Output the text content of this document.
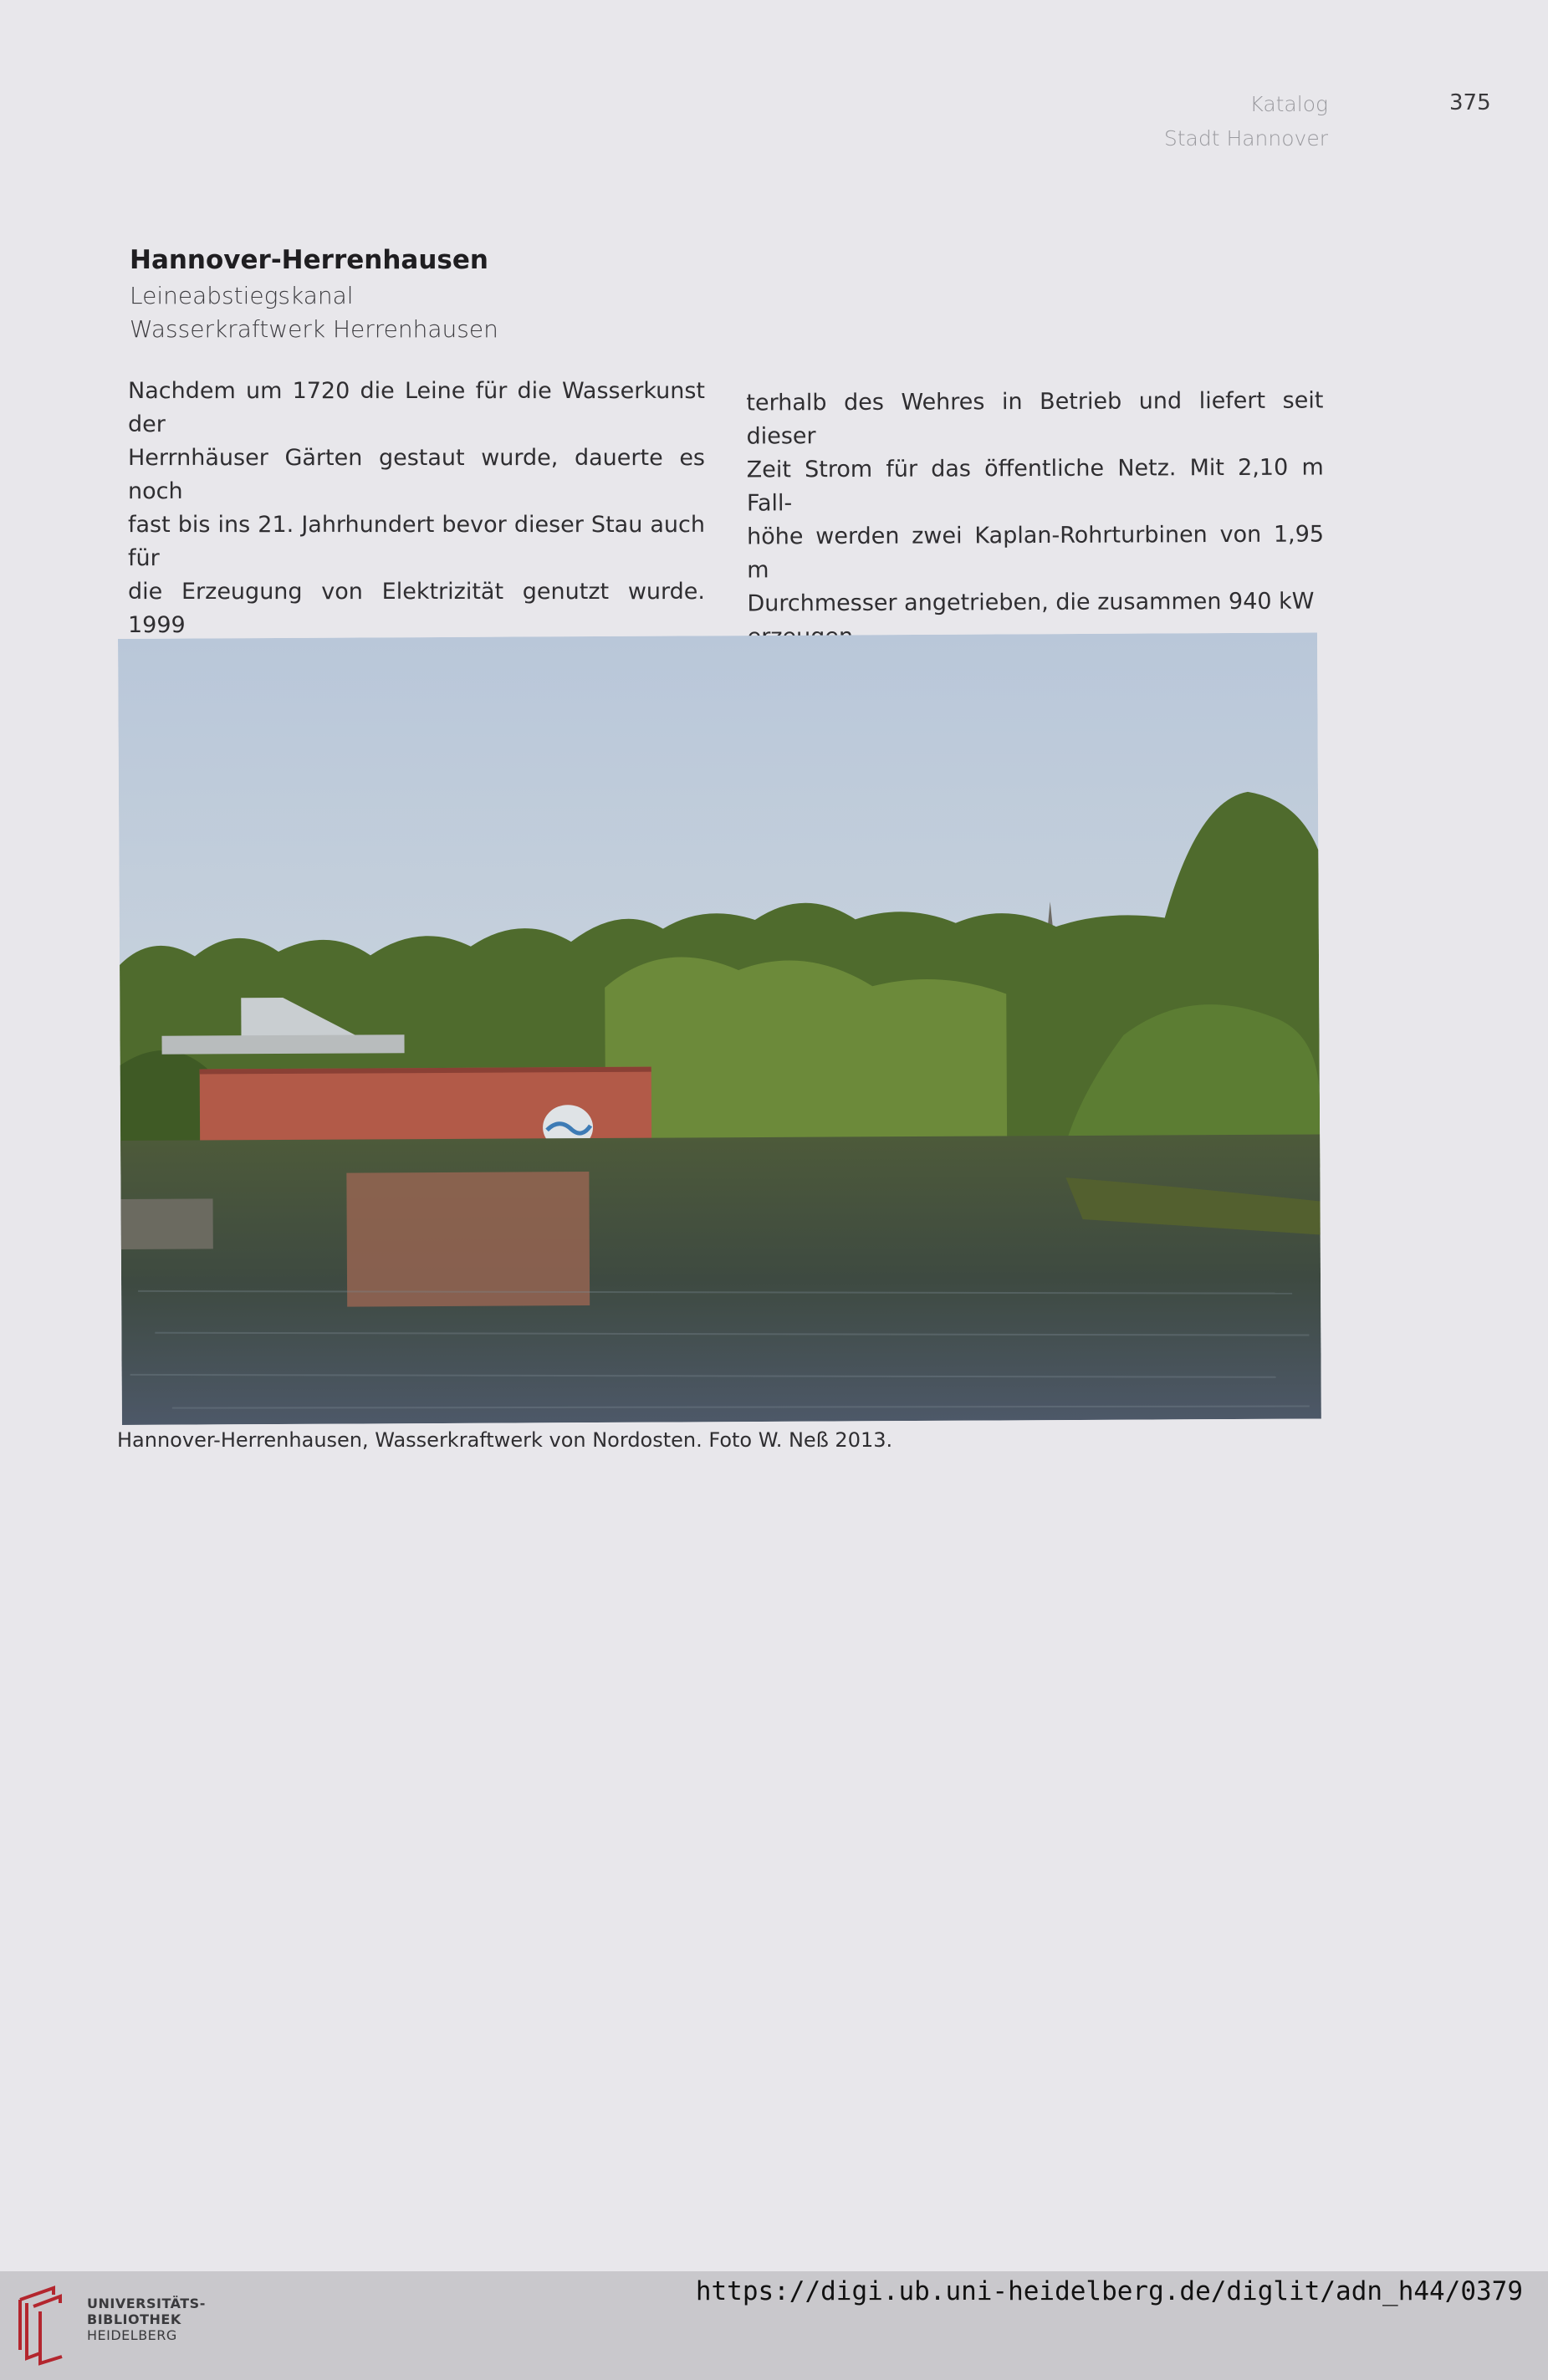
Katalog
Stadt Hannover
375
Hannover-Herrenhausen
Leineabstiegskanal
Wasserkraftwerk Herrenhausen
Nachdem um 1720 die Leine für die Wasserkunst der
Herrnhäuser Gärten gestaut wurde, dauerte es noch
fast bis ins 21. Jahrhundert bevor dieser Stau auch für
die Erzeugung von Elektrizität genutzt wurde. 1999
terhalb des Wehres in Betrieb und liefert seit dieser
Zeit Strom für das öffentliche Netz. Mit 2,10 m Fall-
höhe werden zwei Kaplan-Rohrturbinen von 1,95 m
Durchmesser angetrieben, die zusammen 940 kW
Hannover-Herrenhausen, Wasserkraftwerk von Nordosten. Foto W. Neß 2013.
UNIVERSITÄTS-
BIBLIOTHEK
HEIDELBERG
https://digi.ub.uni-heidelberg.de/diglit/adn_h44/0379
